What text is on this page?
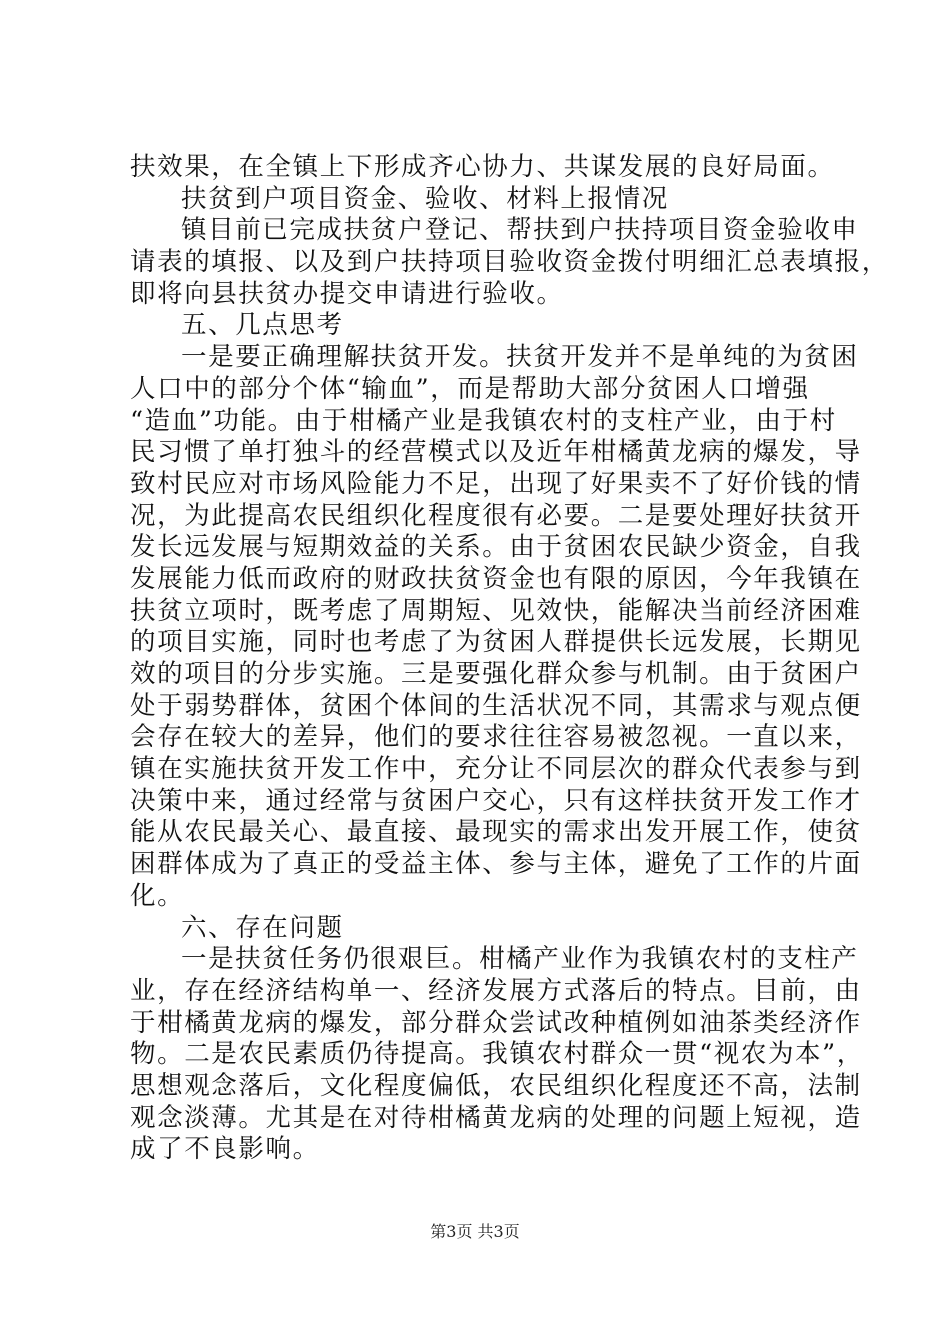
扶效果，在全镇上下形成齐心协力、共谋发展的良好局面。
扶贫到户项目资金、验收、材料上报情况
镇目前已完成扶贫户登记、帮扶到户扶持项目资金验收申
请表的填报、以及到户扶持项目验收资金拨付明细汇总表填报，
即将向县扶贫办提交申请进行验收。
五、几点思考
一是要正确理解扶贫开发。扶贫开发并不是单纯的为贫困
人口中的部分个体“输血”，而是帮助大部分贫困人口增强
“造血”功能。由于柑橘产业是我镇农村的支柱产业，由于村
民习惯了单打独斗的经营模式以及近年柑橘黄龙病的爆发，导
致村民应对市场风险能力不足，出现了好果卖不了好价钱的情
况，为此提高农民组织化程度很有必要。二是要处理好扶贫开
发长远发展与短期效益的关系。由于贫困农民缺少资金，自我
发展能力低而政府的财政扶贫资金也有限的原因，今年我镇在
扶贫立项时，既考虑了周期短、见效快，能解决当前经济困难
的项目实施，同时也考虑了为贫困人群提供长远发展，长期见
效的项目的分步实施。三是要强化群众参与机制。由于贫困户
处于弱势群体，贫困个体间的生活状况不同，其需求与观点便
会存在较大的差异，他们的要求往往容易被忽视。一直以来，
镇在实施扶贫开发工作中，充分让不同层次的群众代表参与到
决策中来，通过经常与贫困户交心，只有这样扶贫开发工作才
能从农民最关心、最直接、最现实的需求出发开展工作，使贫
困群体成为了真正的受益主体、参与主体，避免了工作的片面
化。
六、存在问题
一是扶贫任务仍很艰巨。柑橘产业作为我镇农村的支柱产
业，存在经济结构单一、经济发展方式落后的特点。目前，由
于柑橘黄龙病的爆发，部分群众尝试改种植例如油茶类经济作
物。二是农民素质仍待提高。我镇农村群众一贯“视农为本”，
思想观念落后，文化程度偏低，农民组织化程度还不高，法制
观念淡薄。尤其是在对待柑橘黄龙病的处理的问题上短视，造
成了不良影响。
第3页 共3页
